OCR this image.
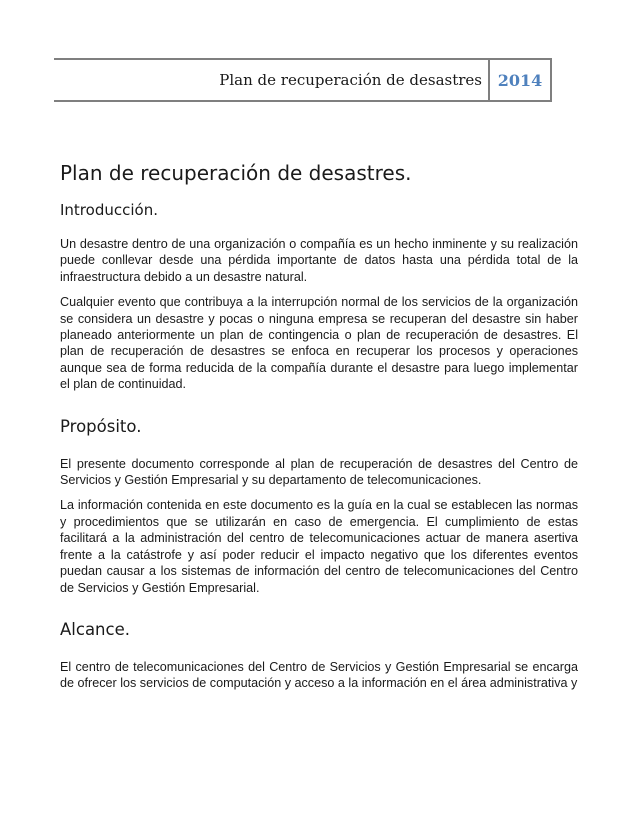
Plan de recuperación de desastres 2014
Plan de recuperación de desastres.
Introducción.

Un desastre dentro de una organización o compañía es un hecho inminente y su realización puede conllevar desde una pérdida importante de datos hasta una pérdida total de la infraestructura debido a un desastre natural.

Cualquier evento que contribuya a la interrupción normal de los servicios de la organización se considera un desastre y pocas o ninguna empresa se recuperan del desastre sin haber planeado anteriormente un plan de contingencia o plan de recuperación de desastres. El plan de recuperación de desastres se enfoca en recuperar los procesos y operaciones aunque sea de forma reducida de la compañía durante el desastre para luego implementar el plan de continuidad.

Propósito.

El presente documento corresponde al plan de recuperación de desastres del Centro de Servicios y Gestión Empresarial y su departamento de telecomunicaciones.

La información contenida en este documento es la guía en la cual se establecen las normas y procedimientos que se utilizarán en caso de emergencia. El cumplimiento de estas facilitará a la administración del centro de telecomunicaciones actuar de manera asertiva frente a la catástrofe y así poder reducir el impacto negativo que los diferentes eventos puedan causar a los sistemas de información del centro de telecomunicaciones del Centro de Servicios y Gestión Empresarial.

Alcance.

El centro de telecomunicaciones del Centro de Servicios y Gestión Empresarial se encarga de ofrecer los servicios de computación y acceso a la información en el área administrativa y
